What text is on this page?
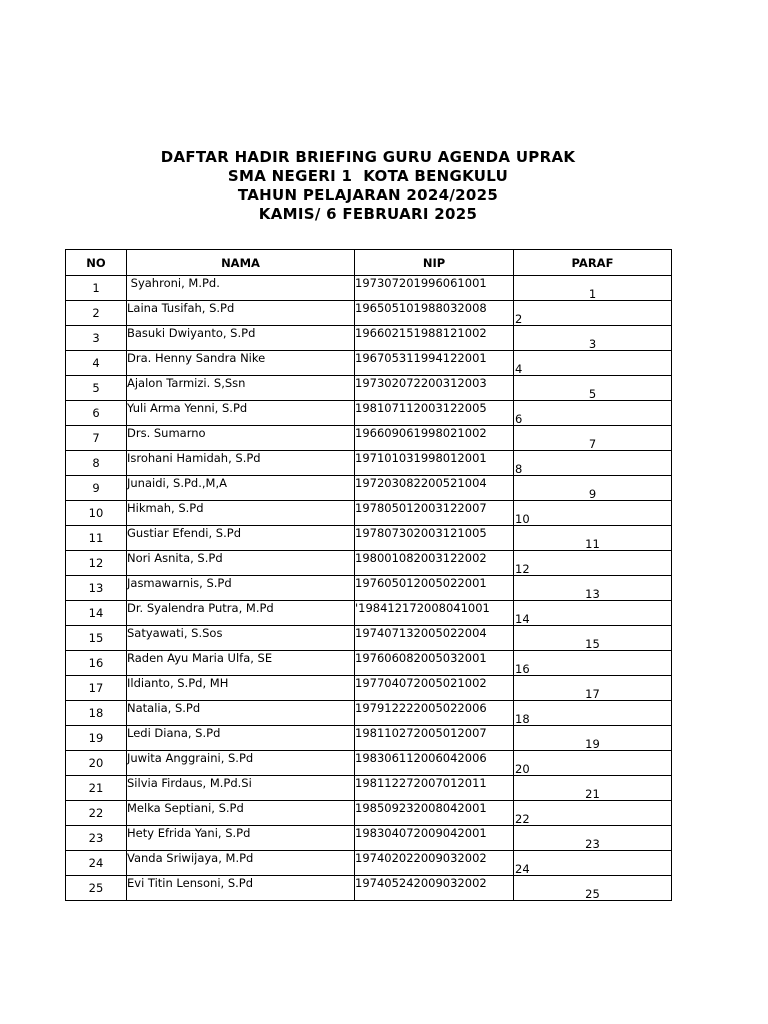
DAFTAR HADIR BRIEFING GURU AGENDA UPRAK
SMA NEGERI 1  KOTA BENGKULU
TAHUN PELAJARAN 2024/2025
KAMIS/ 6 FEBRUARI 2025
NO	NAMA	NIP	PARAF
1	Syahroni, M.Pd.	197307201996061001	1

2	Laina Tusifah, S.Pd	196505101988032008	2

3	Basuki Dwiyanto, S.Pd	196602151988121002	3

4	Dra. Henny Sandra Nike	196705311994122001	4

5	Ajalon Tarmizi. S,Ssn	197302072200312003	5

6	Yuli Arma Yenni, S.Pd	198107112003122005	6

7	Drs. Sumarno	196609061998021002	7

8	Isrohani Hamidah, S.Pd	197101031998012001	8

9	Junaidi, S.Pd.,M,A	197203082200521004	9

10	Hikmah, S.Pd	197805012003122007	10

11	Gustiar Efendi, S.Pd	197807302003121005	11

12	Nori Asnita, S.Pd	198001082003122002	12

13	Jasmawarnis, S.Pd	197605012005022001	13

14	Dr. Syalendra Putra, M.Pd	'198412172008041001	14

15	Satyawati, S.Sos	197407132005022004	15

16	Raden Ayu Maria Ulfa, SE	197606082005032001	16

17	Ildianto, S.Pd, MH	197704072005021002	17

18	Natalia, S.Pd	197912222005022006	18

19	Ledi Diana, S.Pd	198110272005012007	19

20	Juwita Anggraini, S.Pd	198306112006042006	20

21	Silvia Firdaus, M.Pd.Si	198112272007012011	21

22	Melka Septiani, S.Pd	198509232008042001	22

23	Hety Efrida Yani, S.Pd	198304072009042001	23

24	Vanda Sriwijaya, M.Pd	197402022009032002	24

25	Evi Titin Lensoni, S.Pd	197405242009032002	25
